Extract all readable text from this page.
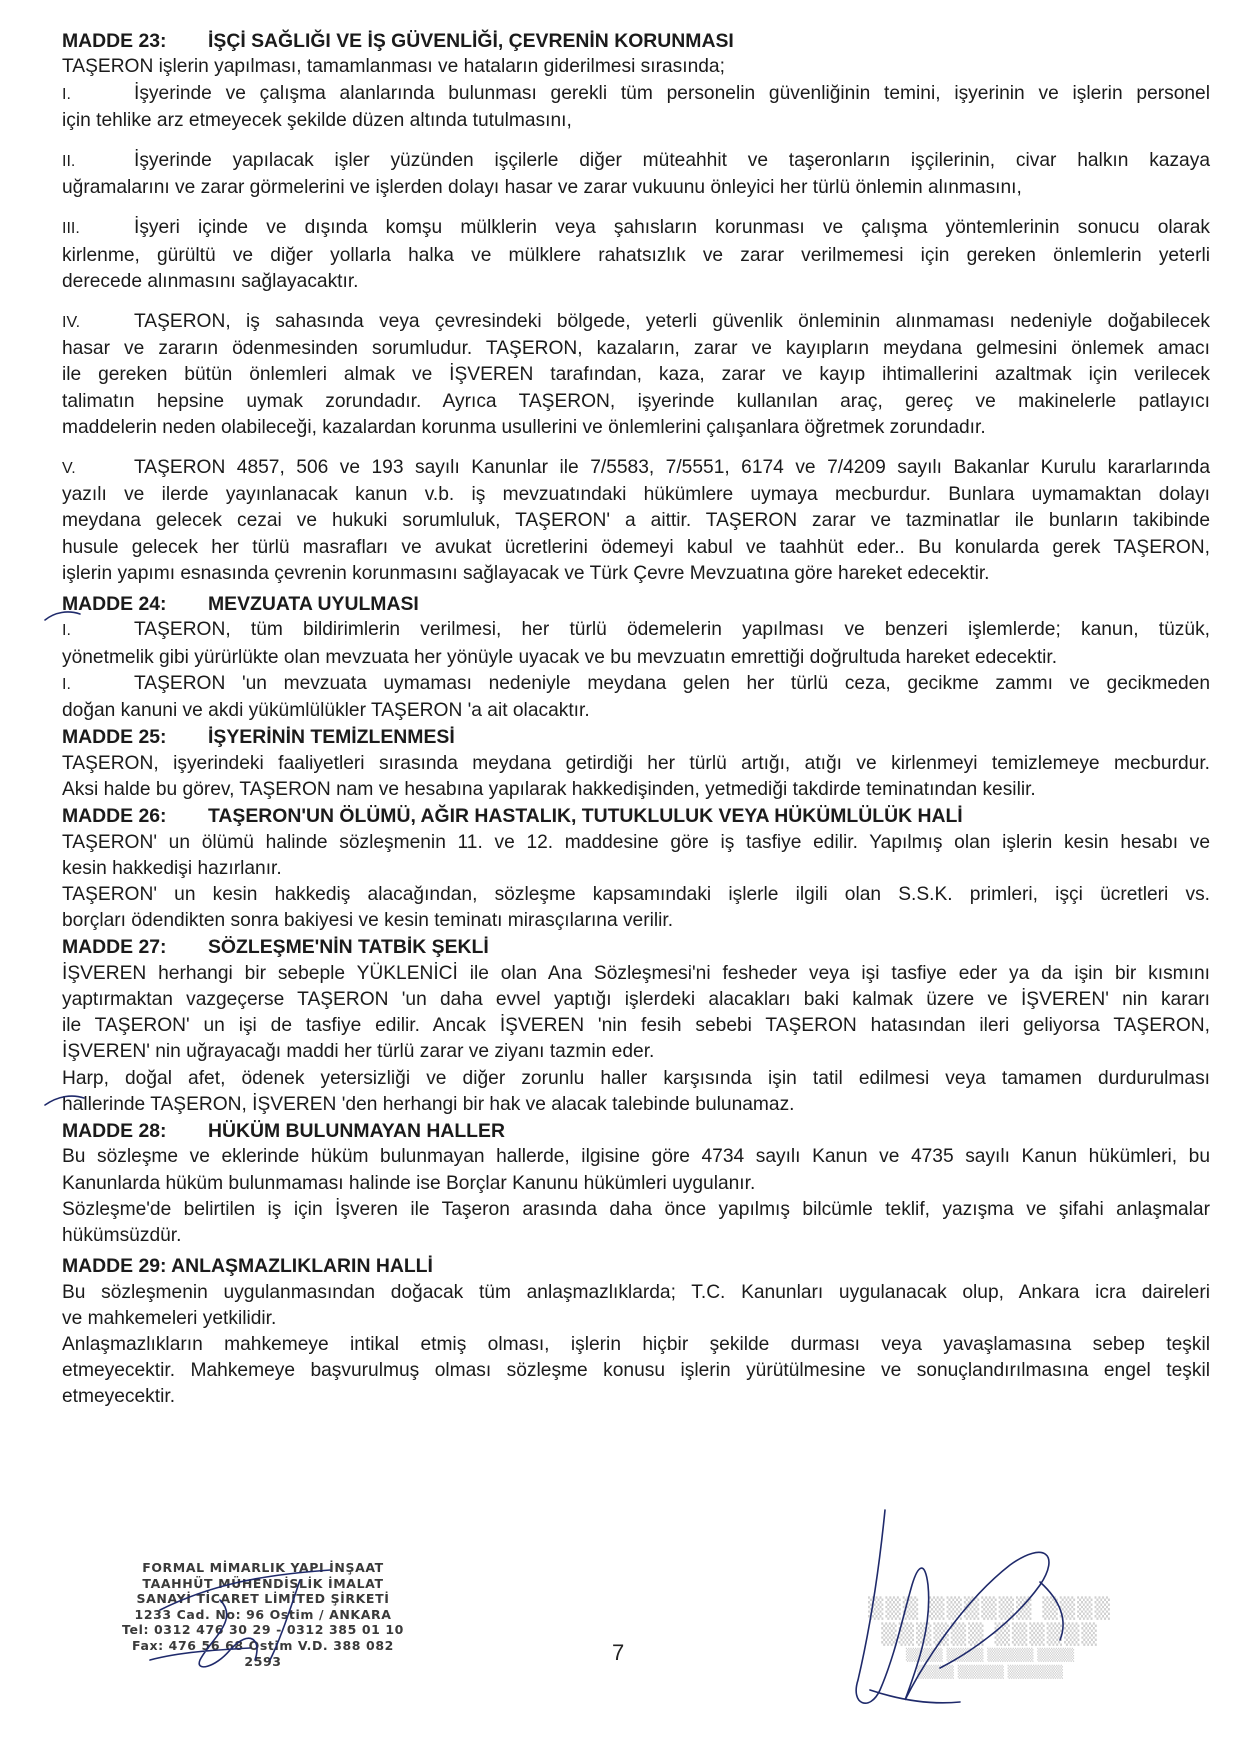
MADDE 23: İŞÇİ SAĞLIĞI VE İŞ GÜVENLİĞİ, ÇEVRENİN KORUNMASI
TAŞERON işlerin yapılması, tamamlanması ve hataların giderilmesi sırasında;
I.	İşyerinde ve çalışma alanlarında bulunması gerekli tüm personelin güvenliğinin temini, işyerinin ve işlerin personel
için tehlike arz etmeyecek şekilde düzen altında tutulmasını,
II.	İşyerinde yapılacak işler yüzünden işçilerle diğer müteahhit ve taşeronların işçilerinin, civar halkın kazaya
uğramalarını ve zarar görmelerini ve işlerden dolayı hasar ve zarar vukuunu önleyici her türlü önlemin alınmasını,
III.	İşyeri içinde ve dışında komşu mülklerin veya şahısların korunması ve çalışma yöntemlerinin sonucu olarak
kirlenme, gürültü ve diğer yollarla halka ve mülklere rahatsızlık ve zarar verilmemesi için gereken önlemlerin yeterli
derecede alınmasını sağlayacaktır.
IV.	TAŞERON, iş sahasında veya çevresindeki bölgede, yeterli güvenlik önleminin alınmaması nedeniyle doğabilecek
hasar ve zararın ödenmesinden sorumludur. TAŞERON, kazaların, zarar ve kayıpların meydana gelmesini önlemek amacı
ile gereken bütün önlemleri almak ve İŞVEREN tarafından, kaza, zarar ve kayıp ihtimallerini azaltmak için verilecek
talimatın hepsine uymak zorundadır. Ayrıca TAŞERON, işyerinde kullanılan araç, gereç ve makinelerle patlayıcı
maddelerin neden olabileceği, kazalardan korunma usullerini ve önlemlerini çalışanlara öğretmek zorundadır.
V.	TAŞERON 4857, 506 ve 193 sayılı Kanunlar ile 7/5583, 7/5551, 6174 ve 7/4209 sayılı Bakanlar Kurulu kararlarında
yazılı ve ilerde yayınlanacak kanun v.b. iş mevzuatındaki hükümlere uymaya mecburdur. Bunlara uymamaktan dolayı
meydana gelecek cezai ve hukuki sorumluluk, TAŞERON' a aittir. TAŞERON zarar ve tazminatlar ile bunların takibinde
husule gelecek her türlü masrafları ve avukat ücretlerini ödemeyi kabul ve taahhüt eder.. Bu konularda gerek TAŞERON,
işlerin yapımı esnasında çevrenin korunmasını sağlayacak ve Türk Çevre Mevzuatına göre hareket edecektir.
MADDE 24: MEVZUATA UYULMASI
I.	TAŞERON, tüm bildirimlerin verilmesi, her türlü ödemelerin yapılması ve benzeri işlemlerde; kanun, tüzük,
yönetmelik gibi yürürlükte olan mevzuata her yönüyle uyacak ve bu mevzuatın emrettiği doğrultuda hareket edecektir.
I.	TAŞERON 'un mevzuata uymaması nedeniyle meydana gelen her türlü ceza, gecikme zammı ve gecikmeden
doğan kanuni ve akdi yükümlülükler TAŞERON 'a ait olacaktır.
MADDE 25: İŞYERİNİN TEMİZLENMESİ
TAŞERON, işyerindeki faaliyetleri sırasında meydana getirdiği her türlü artığı, atığı ve kirlenmeyi temizlemeye mecburdur.
Aksi halde bu görev, TAŞERON nam ve hesabına yapılarak hakkedişinden, yetmediği takdirde teminatından kesilir.
MADDE 26: TAŞERON'UN ÖLÜMÜ, AĞIR HASTALIK, TUTUKLULUK VEYA HÜKÜMLÜLÜK HALİ
TAŞERON' un ölümü halinde sözleşmenin 11. ve 12. maddesine göre iş tasfiye edilir. Yapılmış olan işlerin kesin hesabı ve
kesin hakkedişi hazırlanır.
TAŞERON' un kesin hakkediş alacağından, sözleşme kapsamındaki işlerle ilgili olan S.S.K. primleri, işçi ücretleri vs.
borçları ödendikten sonra bakiyesi ve kesin teminatı mirasçılarına verilir.
MADDE 27: SÖZLEŞME'NİN TATBİK ŞEKLİ
İŞVEREN herhangi bir sebeple YÜKLENİCİ ile olan Ana Sözleşmesi'ni fesheder veya işi tasfiye eder ya da işin bir kısmını
yaptırmaktan vazgeçerse TAŞERON 'un daha evvel yaptığı işlerdeki alacakları baki kalmak üzere ve İŞVEREN' nin kararı
ile TAŞERON' un işi de tasfiye edilir. Ancak İŞVEREN 'nin fesih sebebi TAŞERON hatasından ileri geliyorsa TAŞERON,
İŞVEREN' nin uğrayacağı maddi her türlü zarar ve ziyanı tazmin eder.
Harp, doğal afet, ödenek yetersizliği ve diğer zorunlu haller karşısında işin tatil edilmesi veya tamamen durdurulması
hallerinde TAŞERON, İŞVEREN 'den herhangi bir hak ve alacak talebinde bulunamaz.
MADDE 28: HÜKÜM BULUNMAYAN HALLER
Bu sözleşme ve eklerinde hüküm bulunmayan hallerde, ilgisine göre 4734 sayılı Kanun ve 4735 sayılı Kanun hükümleri, bu
Kanunlarda hüküm bulunmaması halinde ise Borçlar Kanunu hükümleri uygulanır.
Sözleşme'de belirtilen iş için İşveren ile Taşeron arasında daha önce yapılmış bilcümle teklif, yazışma ve şifahi anlaşmalar
hükümsüzdür.
MADDE 29: ANLAŞMAZLIKLARIN HALLİ
Bu sözleşmenin uygulanmasından doğacak tüm anlaşmazlıklarda; T.C. Kanunları uygulanacak olup, Ankara icra daireleri
ve mahkemeleri yetkilidir.
Anlaşmazlıkların mahkemeye intikal etmiş olması, işlerin hiçbir şekilde durması veya yavaşlamasına sebep teşkil
etmeyecektir. Mahkemeye başvurulmuş olması sözleşme konusu işlerin yürütülmesine ve sonuçlandırılmasına engel teşkil
etmeyecektir.
FORMAL MİMARLIK YAPI İNŞAAT
TAAHHÜT MÜHENDİSLİK İMALAT
SANAYİ TİCARET LİMİTED ŞİRKETİ
1233 Cad. No: 96 Ostim / ANKARA
Tel: 0312 476 30 29 - 0312 385 01 10
Fax: 476 56 68 Ostim V.D. 388 082 2593	7
▒▒▒ ▒▒▒▒▒▒ ▒▒▒▒
▒▒▒▒▒▒ ▒▒▒▒▒▒
▒▒▒▒ ▒▒▒▒ ▒▒▒▒▒ ▒▒▒▒
▒▒▒▒ ▒▒▒▒▒ ▒▒▒▒▒▒
